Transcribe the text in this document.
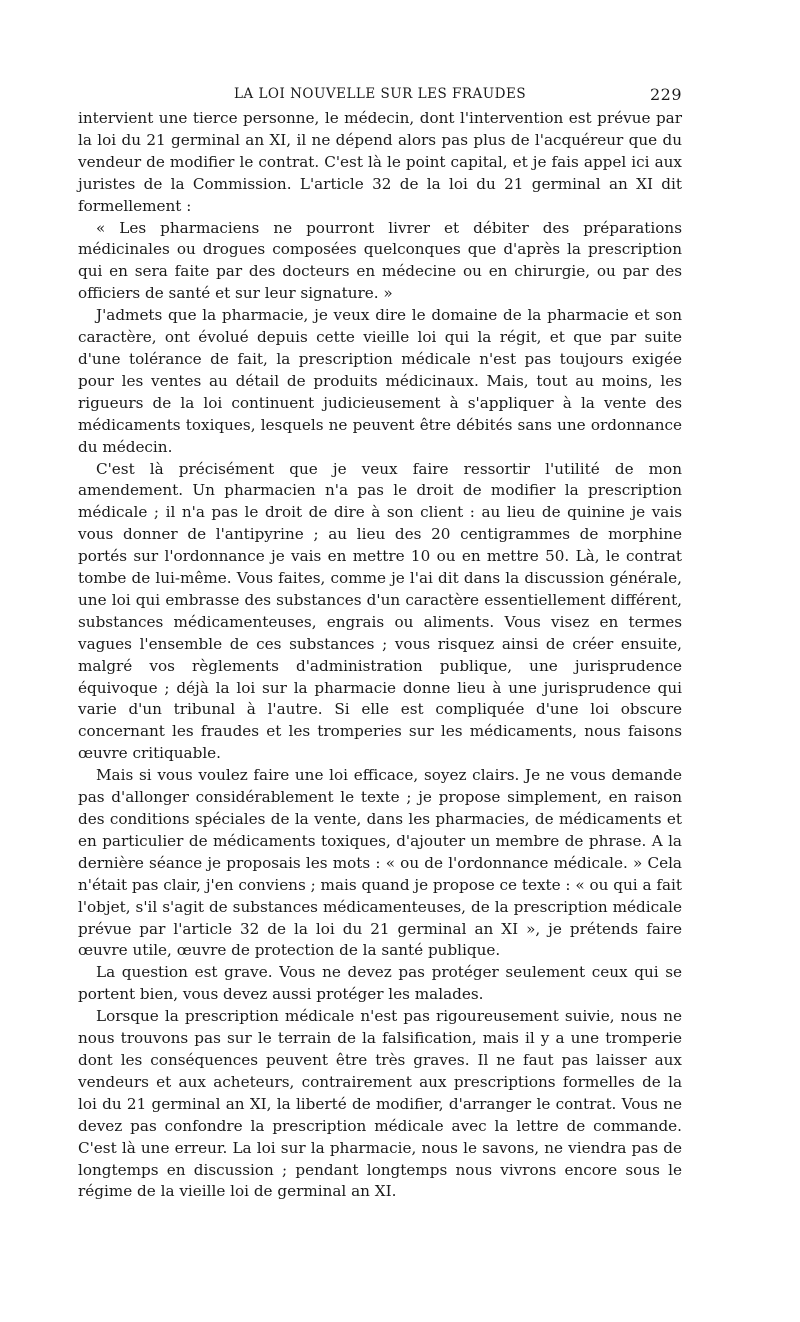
LA LOI NOUVELLE SUR LES FRAUDES	229

intervient une tierce personne, le médecin, dont l'intervention est prévue par la loi du 21 germinal an XI, il ne dépend alors pas plus de l'acquéreur que du vendeur de modifier le contrat. C'est là le point capital, et je fais appel ici aux juristes de la Commission. L'article 32 de la loi du 21 germinal an XI dit formellement :

« Les pharmaciens ne pourront livrer et débiter des préparations médicinales ou drogues composées quelconques que d'après la prescription qui en sera faite par des docteurs en médecine ou en chirurgie, ou par des officiers de santé et sur leur signature. »

J'admets que la pharmacie, je veux dire le domaine de la pharmacie et son caractère, ont évolué depuis cette vieille loi qui la régit, et que par suite d'une tolérance de fait, la prescription médicale n'est pas toujours exigée pour les ventes au détail de produits médicinaux. Mais, tout au moins, les rigueurs de la loi continuent judicieusement à s'appliquer à la vente des médicaments toxiques, lesquels ne peuvent être débités sans une ordonnance du médecin.

C'est là précisément que je veux faire ressortir l'utilité de mon amendement. Un pharmacien n'a pas le droit de modifier la prescription médicale ; il n'a pas le droit de dire à son client : au lieu de quinine je vais vous donner de l'antipyrine ; au lieu des 20 centigrammes de morphine portés sur l'ordonnance je vais en mettre 10 ou en mettre 50. Là, le contrat tombe de lui-même. Vous faites, comme je l'ai dit dans la discussion générale, une loi qui embrasse des substances d'un caractère essentiellement différent, substances médicamenteuses, engrais ou aliments. Vous visez en termes vagues l'ensemble de ces substances ; vous risquez ainsi de créer ensuite, malgré vos règlements d'administration publique, une jurisprudence équivoque ; déjà la loi sur la pharmacie donne lieu à une jurisprudence qui varie d'un tribunal à l'autre. Si elle est compliquée d'une loi obscure concernant les fraudes et les tromperies sur les médicaments, nous faisons œuvre critiquable.

Mais si vous voulez faire une loi efficace, soyez clairs. Je ne vous demande pas d'allonger considérablement le texte ; je propose simplement, en raison des conditions spéciales de la vente, dans les pharmacies, de médicaments et en particulier de médicaments toxiques, d'ajouter un membre de phrase. A la dernière séance je proposais les mots : « ou de l'ordonnance médicale. » Cela n'était pas clair, j'en conviens ; mais quand je propose ce texte : « ou qui a fait l'objet, s'il s'agit de substances médicamenteuses, de la prescription médicale prévue par l'article 32 de la loi du 21 germinal an XI », je prétends faire œuvre utile, œuvre de protection de la santé publique.

La question est grave. Vous ne devez pas protéger seulement ceux qui se portent bien, vous devez aussi protéger les malades.

Lorsque la prescription médicale n'est pas rigoureusement suivie, nous ne nous trouvons pas sur le terrain de la falsification, mais il y a une tromperie dont les conséquences peuvent être très graves. Il ne faut pas laisser aux vendeurs et aux acheteurs, contrairement aux prescriptions formelles de la loi du 21 germinal an XI, la liberté de modifier, d'arranger le contrat. Vous ne devez pas confondre la prescription médicale avec la lettre de commande. C'est là une erreur. La loi sur la pharmacie, nous le savons, ne viendra pas de longtemps en discussion ; pendant longtemps nous vivrons encore sous le régime de la vieille loi de germinal an XI.
